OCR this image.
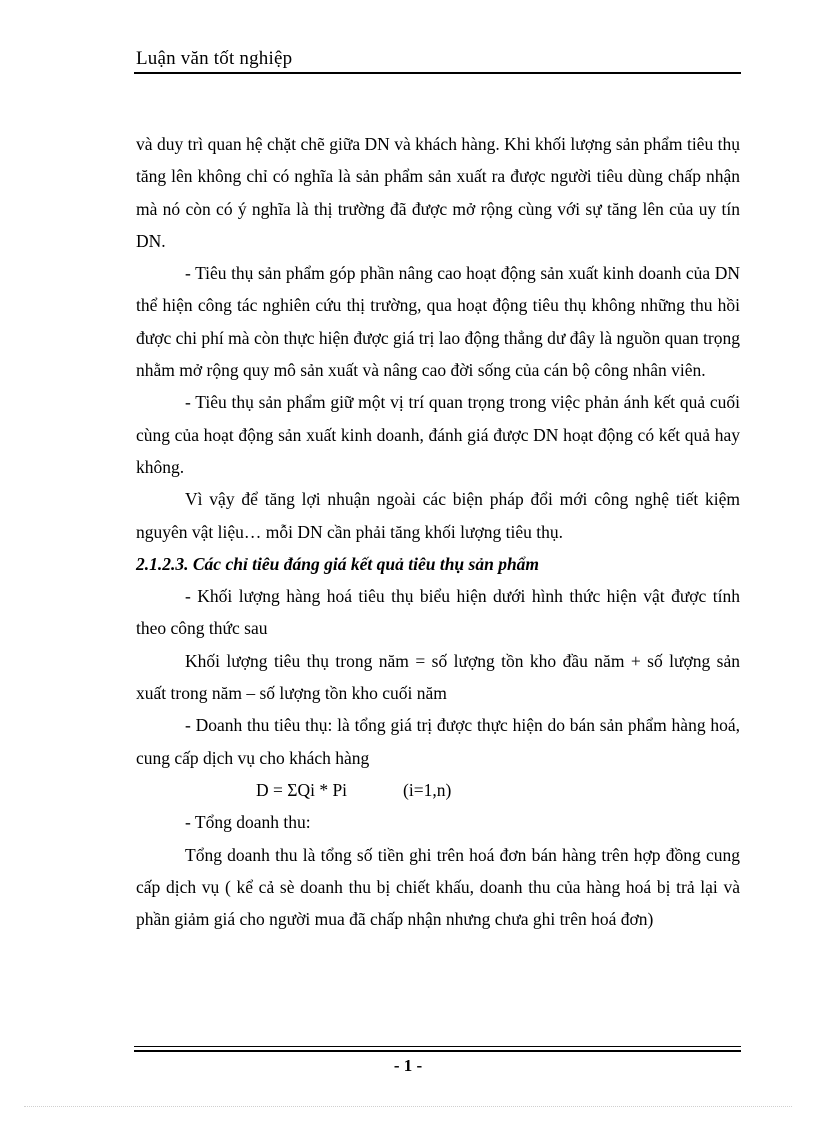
Luận văn tốt nghiệp

và duy trì quan hệ chặt chẽ giữa DN và khách hàng. Khi khối lượng sản phẩm tiêu thụ tăng lên không chỉ có nghĩa là sản phẩm sản xuất ra được người tiêu dùng chấp nhận mà nó còn có ý nghĩa là thị trường đã được mở rộng cùng với sự tăng lên của uy tín DN.

- Tiêu thụ sản phẩm góp phần nâng cao hoạt động sản xuất kinh doanh của DN thể hiện công tác nghiên cứu thị trường, qua hoạt động tiêu thụ không những thu hồi được chi phí mà còn thực hiện được giá trị lao động thẳng dư đây là nguồn quan trọng nhằm mở rộng quy mô sản xuất và nâng cao đời sống của cán bộ công nhân viên.

- Tiêu thụ sản phẩm giữ một vị trí quan trọng trong việc phản ánh kết quả cuối cùng của hoạt động sản xuất kinh doanh, đánh giá được DN hoạt động có kết quả hay không.

Vì vậy để tăng lợi nhuận ngoài các biện pháp đổi mới công nghệ tiết kiệm nguyên vật liệu… mỗi DN cần phải tăng khối lượng tiêu thụ.

2.1.2.3. Các chỉ tiêu đáng giá kết quả tiêu thụ sản phẩm

- Khối lượng hàng hoá tiêu thụ biểu hiện dưới hình thức hiện vật được tính theo công thức sau

Khối lượng tiêu thụ trong năm = số lượng tồn kho đầu năm + số lượng sản xuất trong năm – số lượng tồn kho cuối năm

- Doanh thu tiêu thụ: là tổng giá trị được thực hiện do bán sản phẩm hàng hoá, cung cấp dịch vụ cho khách hàng

D = ΣQi * Pi	(i=1,n)

- Tổng doanh thu:

Tổng doanh thu là tổng số tiền ghi trên hoá đơn bán hàng trên hợp đồng cung cấp dịch vụ ( kể cả sè doanh thu bị chiết khấu, doanh thu của hàng hoá bị trả lại và phần giảm giá cho người mua đã chấp nhận nhưng chưa ghi trên hoá đơn)

- 1 -
